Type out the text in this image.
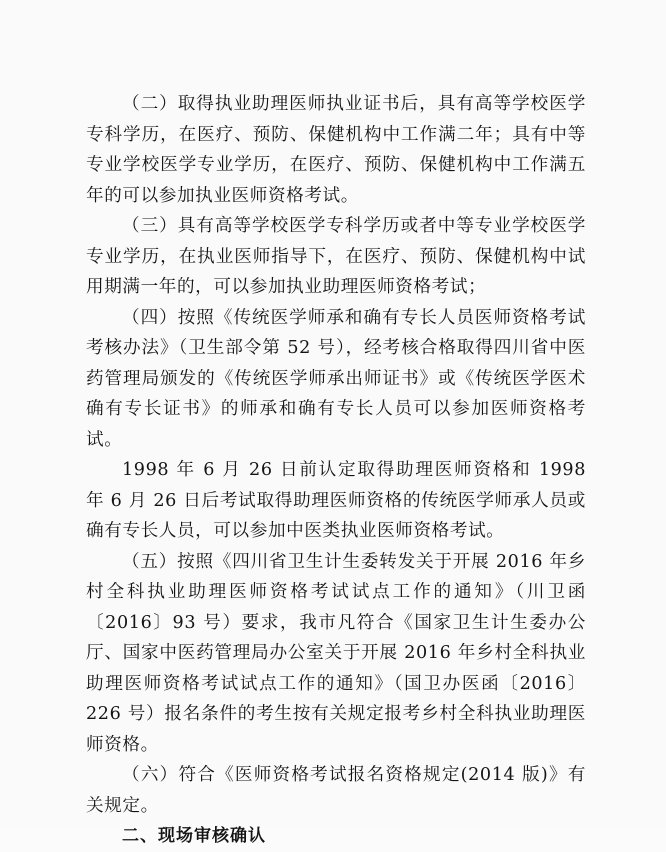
（二）取得执业助理医师执业证书后，具有高等学校医学专科学历，在医疗、预防、保健机构中工作满二年；具有中等专业学校医学专业学历，在医疗、预防、保健机构中工作满五年的可以参加执业医师资格考试。

（三）具有高等学校医学专科学历或者中等专业学校医学专业学历，在执业医师指导下，在医疗、预防、保健机构中试用期满一年的，可以参加执业助理医师资格考试；

（四）按照《传统医学师承和确有专长人员医师资格考试考核办法》（卫生部令第 52 号），经考核合格取得四川省中医药管理局颁发的《传统医学师承出师证书》或《传统医学医术确有专长证书》的师承和确有专长人员可以参加医师资格考试。

1998 年 6 月 26 日前认定取得助理医师资格和 1998 年 6 月 26 日后考试取得助理医师资格的传统医学师承人员或确有专长人员，可以参加中医类执业医师资格考试。

（五）按照《四川省卫生计生委转发关于开展 2016 年乡村全科执业助理医师资格考试试点工作的通知》（川卫函〔2016〕93 号）要求，我市凡符合《国家卫生计生委办公厅、国家中医药管理局办公室关于开展 2016 年乡村全科执业助理医师资格考试试点工作的通知》（国卫办医函〔2016〕226 号）报名条件的考生按有关规定报考乡村全科执业助理医师资格。

（六）符合《医师资格考试报名资格规定(2014 版)》有关规定。

二、现场审核确认
